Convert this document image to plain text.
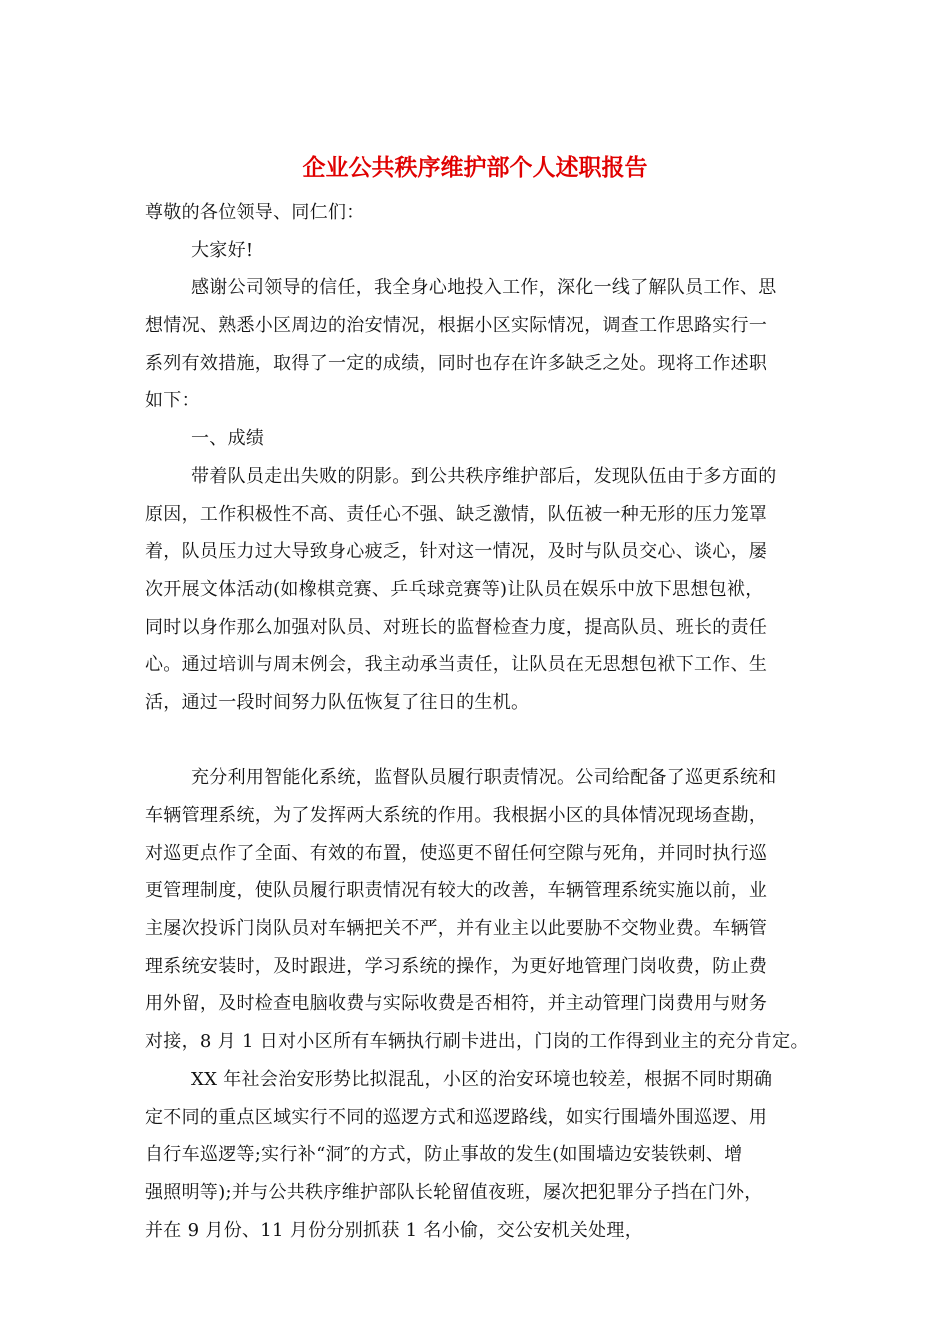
企业公共秩序维护部个人述职报告
尊敬的各位领导、同仁们：
大家好!
感谢公司领导的信任，我全身心地投入工作，深化一线了解队员工作、思
想情况、熟悉小区周边的治安情况，根据小区实际情况，调查工作思路实行一
系列有效措施，取得了一定的成绩，同时也存在许多缺乏之处。现将工作述职
如下：
一、成绩
带着队员走出失败的阴影。到公共秩序维护部后，发现队伍由于多方面的
原因，工作积极性不高、责任心不强、缺乏激情，队伍被一种无形的压力笼罩
着，队员压力过大导致身心疲乏，针对这一情况，及时与队员交心、谈心，屡
次开展文体活动(如橡棋竞赛、乒乓球竞赛等)让队员在娱乐中放下思想包袱，
同时以身作那么加强对队员、对班长的监督检查力度，提高队员、班长的责任
心。通过培训与周末例会，我主动承当责任，让队员在无思想包袱下工作、生
活，通过一段时间努力队伍恢复了往日的生机。
充分利用智能化系统，监督队员履行职责情况。公司给配备了巡更系统和
车辆管理系统，为了发挥两大系统的作用。我根据小区的具体情况现场查勘，
对巡更点作了全面、有效的布置，使巡更不留任何空隙与死角，并同时执行巡
更管理制度，使队员履行职责情况有较大的改善，车辆管理系统实施以前，业
主屡次投诉门岗队员对车辆把关不严，并有业主以此要胁不交物业费。车辆管
理系统安装时，及时跟进，学习系统的操作，为更好地管理门岗收费，防止费
用外留，及时检查电脑收费与实际收费是否相符，并主动管理门岗费用与财务
对接，8 月 1 日对小区所有车辆执行刷卡进出，门岗的工作得到业主的充分肯定。
XX 年社会治安形势比拟混乱，小区的治安环境也较差，根据不同时期确
定不同的重点区域实行不同的巡逻方式和巡逻路线，如实行围墙外围巡逻、用
自行车巡逻等;实行补“洞″的方式，防止事故的发生(如围墙边安装铁刺、增
强照明等);并与公共秩序维护部队长轮留值夜班，屡次把犯罪分子挡在门外，
并在 9 月份、11 月份分别抓获 1 名小偷，交公安机关处理，
